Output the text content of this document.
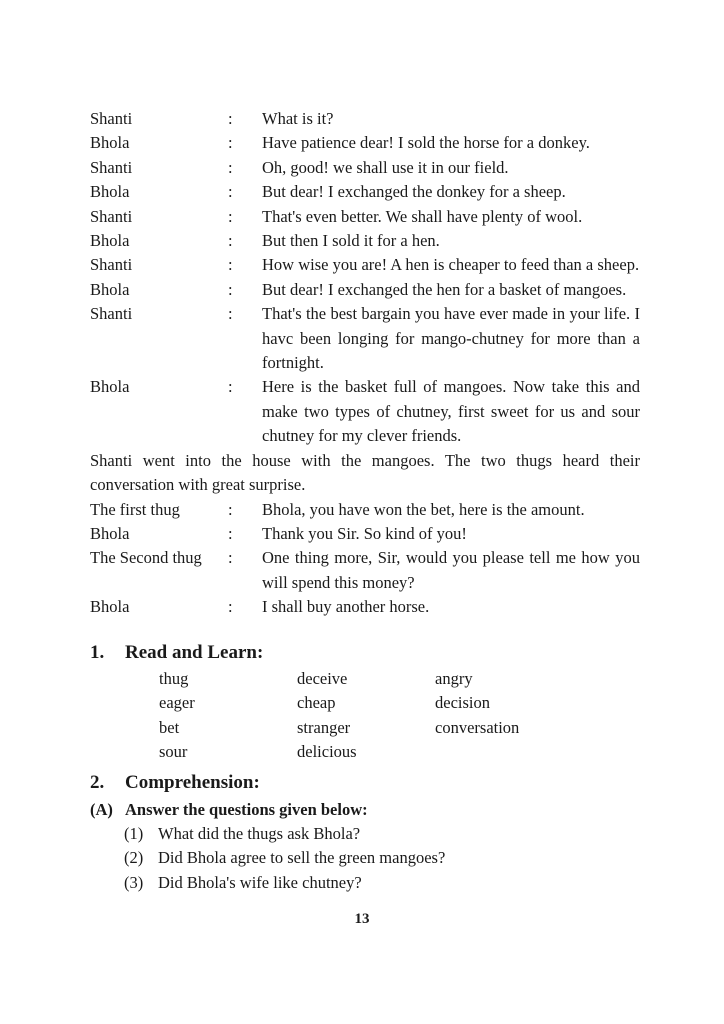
Shanti	:	What is it?
Bhola	:	Have patience dear! I sold the horse for a donkey.
Shanti	:	Oh, good! we shall use it in our field.
Bhola	:	But dear! I exchanged the donkey for a sheep.
Shanti	:	That's even better. We shall have plenty of wool.
Bhola	:	But then I sold it for a hen.
Shanti	:	How wise you are! A hen is cheaper to feed than a sheep.
Bhola	:	But dear! I exchanged the hen for a basket of mangoes.
Shanti	:	That's the best bargain you have ever made in your life. I havc been longing for mango-chutney for more than a fortnight.
Bhola	:	Here is the basket full of mangoes. Now take this and make two types of chutney, first sweet for us and sour chutney for my clever friends.
Shanti went into the house with the mangoes. The two thugs heard their conversation with great surprise.
The first thug	:	Bhola, you have won the bet, here is the amount.
Bhola	:	Thank you Sir. So kind of you!
The Second thug	:	One thing more, Sir, would you please tell me how you will spend this money?
Bhola	:	I shall buy another horse.
1.	Read and Learn:
thug	deceive	angry
eager	cheap	decision
bet	stranger	conversation
sour	delicious
2.	Comprehension:
(A) Answer the questions given below:
(1) What did the thugs ask Bhola?
(2) Did Bhola agree to sell the green mangoes?
(3) Did Bhola's wife like chutney?
13
